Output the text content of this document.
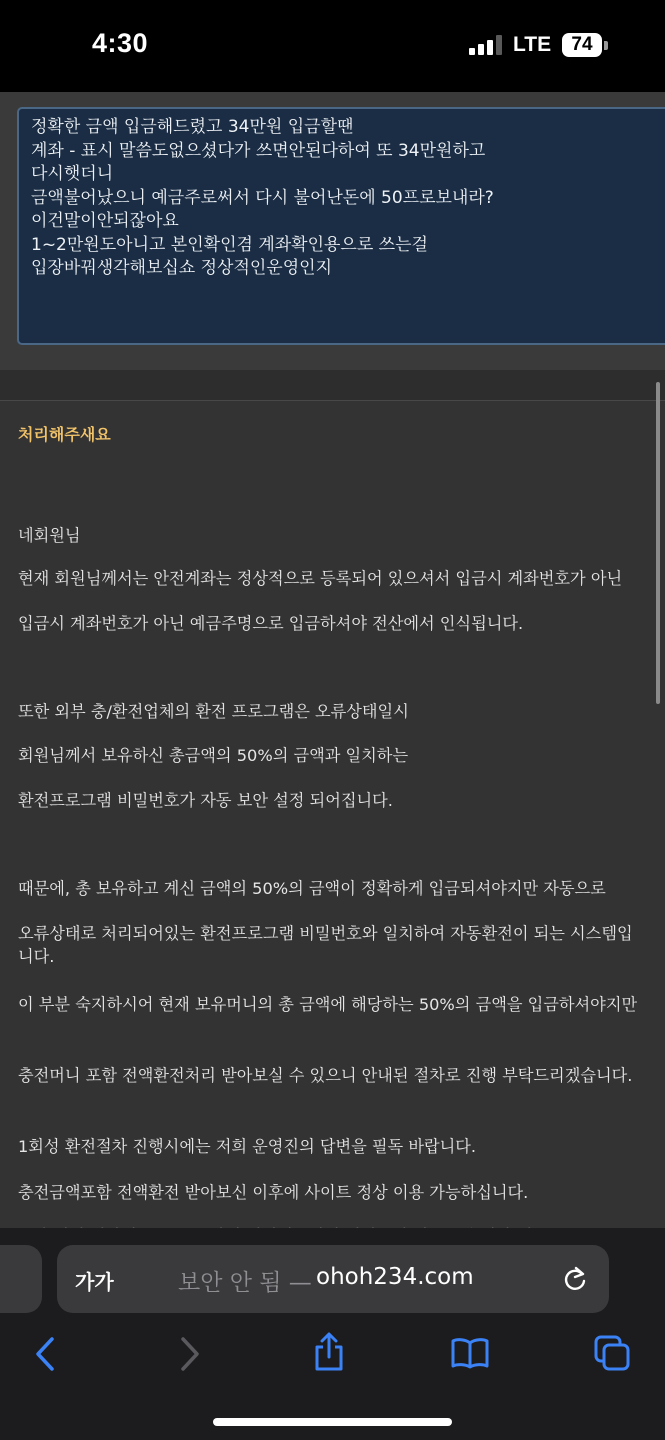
4:30	LTE	74
정확한 금액 입금해드렸고 34만원 입금할땐
계좌 - 표시 말씀도없으셨다가 쓰면안된다하여 또 34만원하고
다시햇더니
금액불어났으니 예금주로써서 다시 불어난돈에 50프로보내라?
이건말이안되잖아요
1~2만원도아니고 본인확인겸 계좌확인용으로 쓰는걸
입장바꿔생각해보십쇼 정상적인운영인지
처리해주새요

네회원님

현재 회원님께서는 안전계좌는 정상적으로 등록되어 있으셔서 입금시 계좌번호가 아닌

입금시 계좌번호가 아닌 예금주명으로 입금하셔야 전산에서 인식됩니다.

또한 외부 충/환전업체의 환전 프로그램은 오류상태일시

회원님께서 보유하신 총금액의 50%의 금액과 일치하는

환전프로그램 비밀번호가 자동 보안 설정 되어집니다.

때문에, 총 보유하고 계신 금액의 50%의 금액이 정확하게 입금되셔야지만 자동으로

오류상태로 처리되어있는 환전프로그램 비밀번호와 일치하여 자동환전이 되는 시스템입니다.

이 부분 숙지하시어 현재 보유머니의 총 금액에 해당하는 50%의 금액을 입금하셔야지만

충전머니 포함 전액환전처리 받아보실 수 있으니 안내된 절차로 진행 부탁드리겠습니다.

1회성 환전절차 진행시에는 저희 운영진의 답변을 필독 바랍니다.

충전금액포함 전액환전 받아보신 이후에 사이트 정상 이용 가능하십니다.

가가	보안 안 됨 — ohoh234.com
